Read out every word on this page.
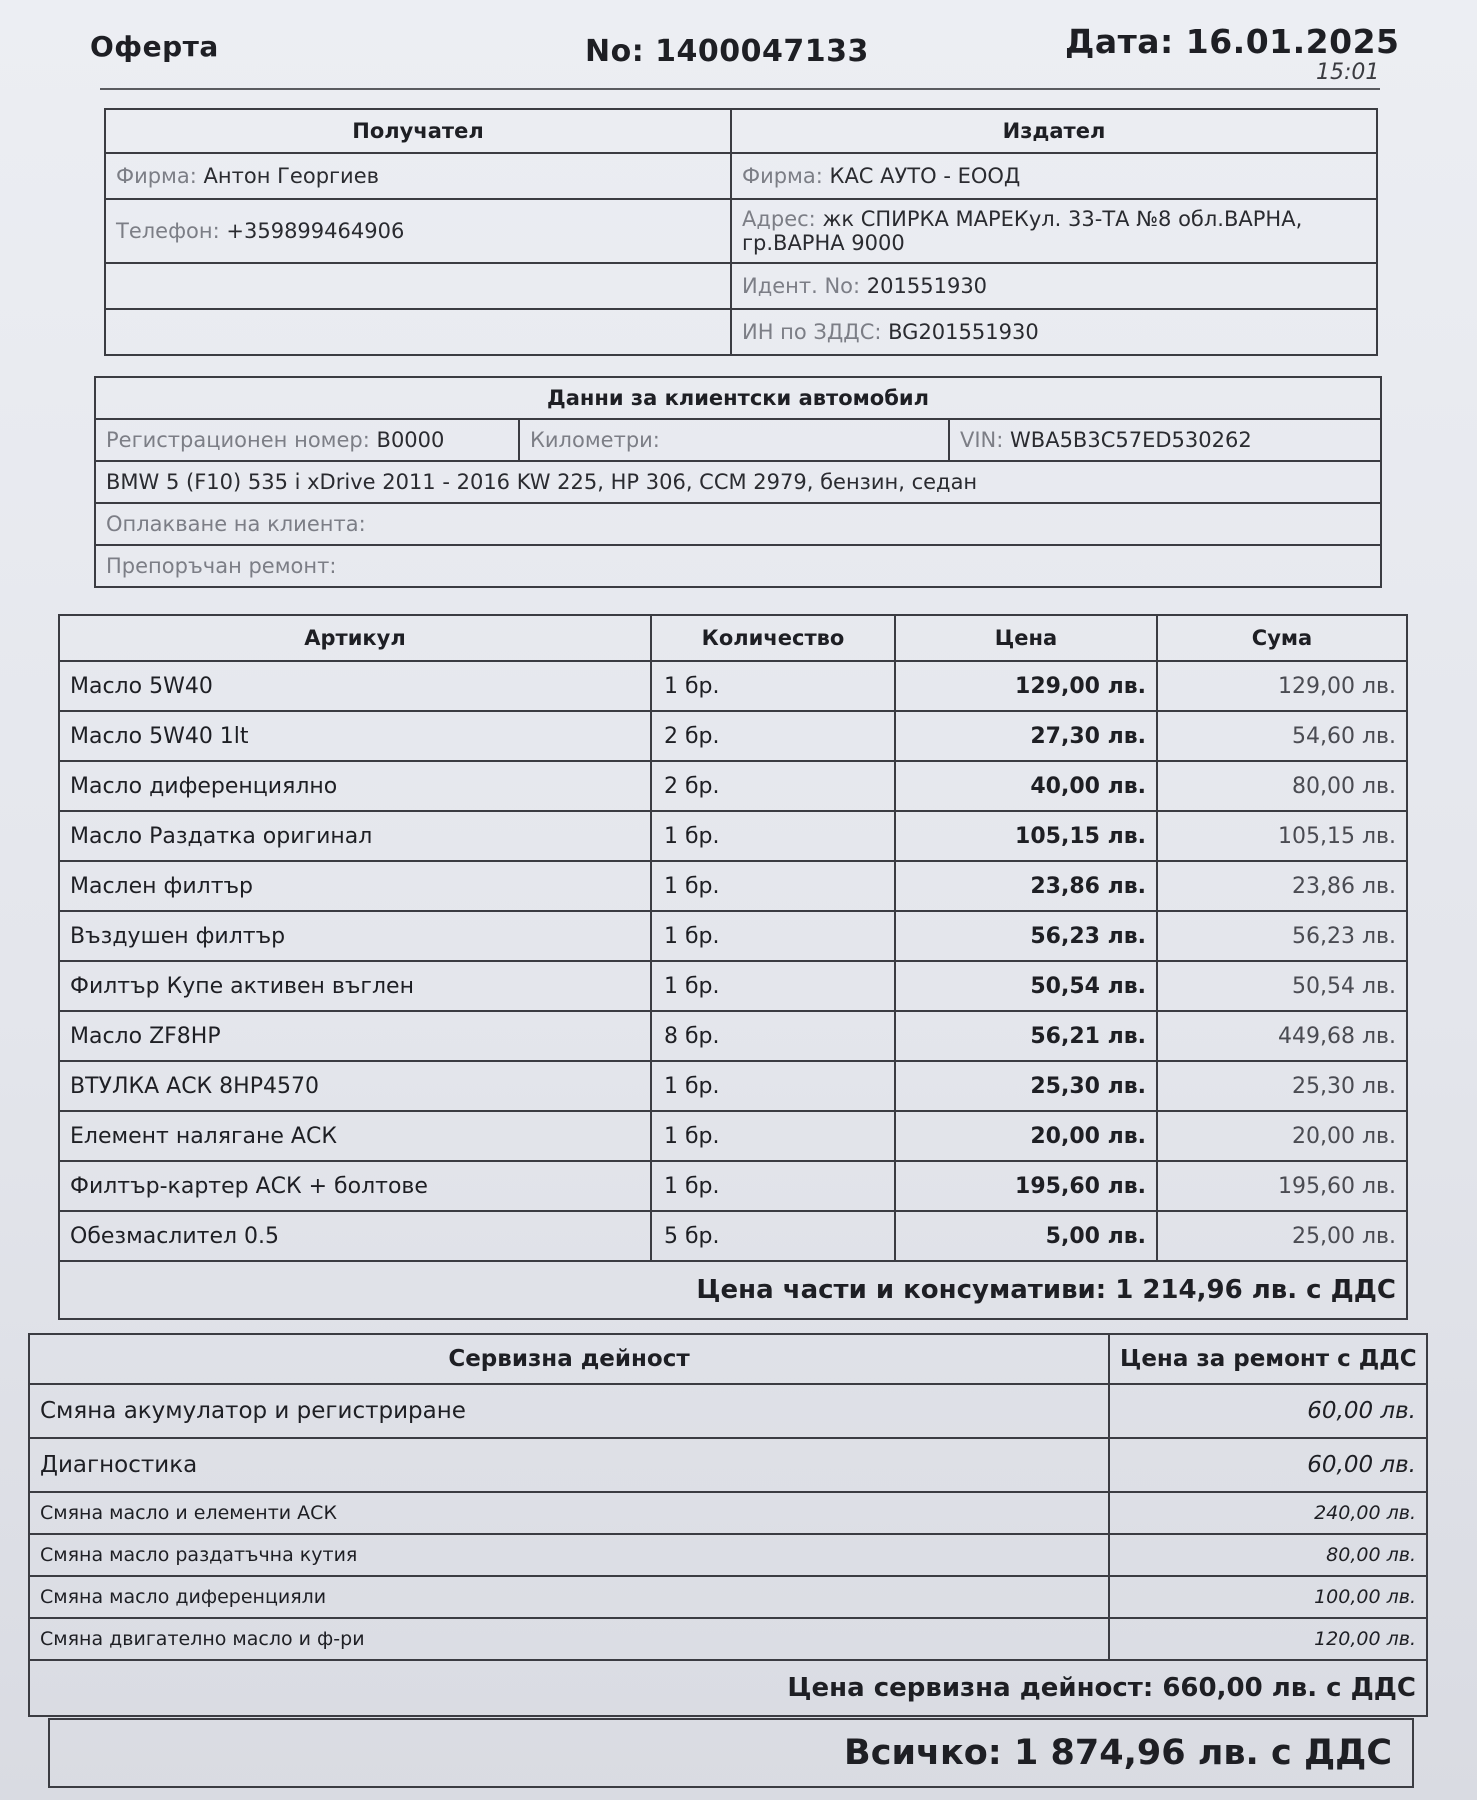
Оферта	No: 1400047133	Дата: 16.01.2025
15:01
Получател	Издател
Фирма: Антон Георгиев	Фирма: КАС АУТО - ЕООД
Телефон: +359899464906	Адрес: жк СПИРКА МАРЕКул. 33-ТА №8 обл.ВАРНА,
гр.ВАРНА 9000
	Идент. No: 201551930
	ИН по ЗДДС: BG201551930
Данни за клиентски автомобил
Регистрационен номер: B0000	Километри:	VIN: WBA5B3C57ED530262
BMW 5 (F10) 535 i xDrive 2011 - 2016 KW 225, HP 306, CCM 2979, бензин, седан
Оплакване на клиента:
Препоръчан ремонт:
Артикул	Количество	Цена	Сума
Масло 5W40	1 бр.	129,00 лв.	129,00 лв.
Масло 5W40 1lt	2 бр.	27,30 лв.	54,60 лв.
Масло диференциялно	2 бр.	40,00 лв.	80,00 лв.
Масло Раздатка оригинал	1 бр.	105,15 лв.	105,15 лв.
Маслен филтър	1 бр.	23,86 лв.	23,86 лв.
Въздушен филтър	1 бр.	56,23 лв.	56,23 лв.
Филтър Купе активен въглен	1 бр.	50,54 лв.	50,54 лв.
Масло ZF8HP	8 бр.	56,21 лв.	449,68 лв.
ВТУЛКА АСК 8HP4570	1 бр.	25,30 лв.	25,30 лв.
Елемент налягане АСК	1 бр.	20,00 лв.	20,00 лв.
Филтър-картер АСК + болтове	1 бр.	195,60 лв.	195,60 лв.
Обезмаслител 0.5	5 бр.	5,00 лв.	25,00 лв.
Цена части и консумативи: 1 214,96 лв. с ДДС			
Сервизна дейност	Цена за ремонт с ДДС
Смяна акумулатор и регистриране	60,00 лв.
Диагностика	60,00 лв.
Смяна масло и елементи АСК	240,00 лв.
Смяна масло раздатъчна кутия	80,00 лв.
Смяна масло диференцияли	100,00 лв.
Смяна двигателно масло и ф-ри	120,00 лв.
Цена сервизна дейност: 660,00 лв. с ДДС	
Всичко: 1 874,96 лв. с ДДС
